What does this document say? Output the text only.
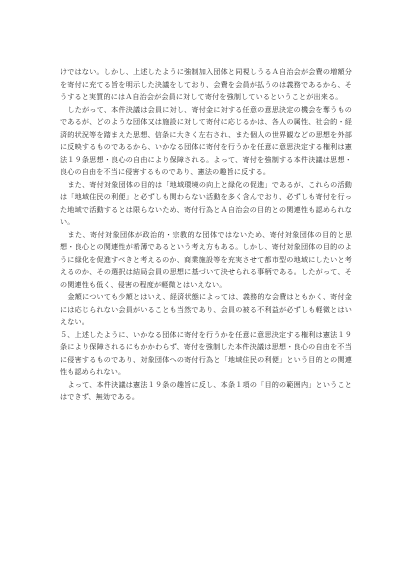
けではない。しかし、上述したように強制加入団体と同視しうるＡ自治会が会費の増額分を寄付に充てる旨を明示した決議をしており、会費を会員が払うのは義務であるから、そうすると実質的にはＡ自治会が会員に対して寄付を強制しているということが出来る。

したがって、本件決議は会員に対し、寄付金に対する任意の意思決定の機会を奪うものであるが、どのような団体又は施設に対して寄付に応じるかは、各人の属性、社会的・経済的状況等を踏まえた思想、信条に大きく左右され、また個人の世界観などの思想を外部に反映するものであるから、いかなる団体に寄付を行うかを任意に意思決定する権利は憲法１９条思想・良心の自由により保障される。よって、寄付を強制する本件決議は思想・良心の自由を不当に侵害するものであり、憲法の趣旨に反する。

また、寄付対象団体の目的は「地域環境の向上と緑化の促進」であるが、これらの活動は「地域住民の利便」と必ずしも関わらない活動を多く含んでおり、必ずしも寄付を行った地域で活動するとは限らないため、寄付行為とＡ自治会の目的との関連性も認められない。

また、寄付対象団体が政治的・宗教的な団体ではないため、寄付対象団体の目的と思想・良心との関連性が希薄であるという考え方もある。しかし、寄付対象団体の目的のように緑化を促進すべきと考えるのか、商業施設等を充実させて都市型の地域にしたいと考えるのか、その選択は結局会員の思想に基づいて決せられる事柄である。したがって、その関連性も低く、侵害の程度が軽微とはいえない。

金額についても少額とはいえ、経済状態によっては、義務的な会費はともかく、寄付金には応じられない会員がいることも当然であり、会員の被る不利益が必ずしも軽微とはいえない。

５、上述したように、いかなる団体に寄付を行うかを任意に意思決定する権利は憲法１９条により保障されるにもかかわらず、寄付を強制した本件決議は思想・良心の自由を不当に侵害するものであり、対象団体への寄付行為と「地域住民の利便」という目的との関連性も認められない。

よって、本件決議は憲法１９条の趣旨に反し、本条１項の「目的の範囲内」ということはできず、無効である。
